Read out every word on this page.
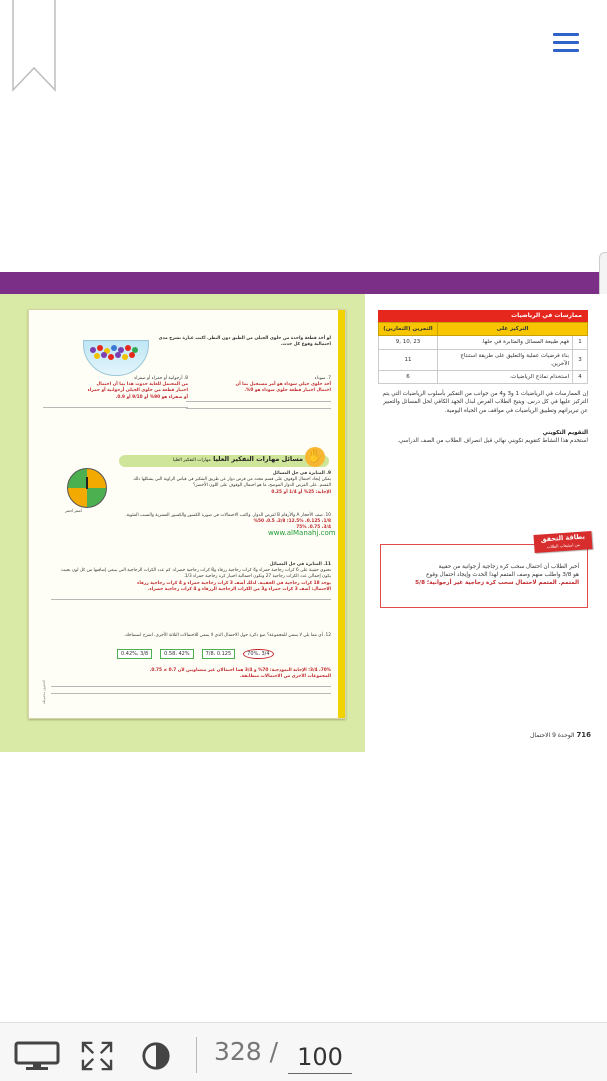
لو أخذ قطعة واحدة من حلوى الجيلي من الطبق دون النظر. اكتب عبارة تشرح مدى احتمالية وقوع كل حدث.
7. سوداء
أخذ حلوى جيلي سوداء هو أمر مستحيل بما أن
احتمال اختيار قطعة حلوى سوداء هو 0%.
8. أرجوانية أو حمراء أو صفراء
من المحتمل للغاية حدوث هذا بما أن احتمال
اختيار قطعة من حلوى الجيلي أرجوانية أو حمراء
أو صفراء هو 90% أو 9/10 أو 0.9.
✋
مسائل مهارات التفكير العليا مهارات التفكير العليا
أصفر أخضر
9. المثابرة في حل المسائل
يمكن إيجاد احتمال الوقوف على قسم محدد من قرص دوار عن طريق التفكير في قياس الزاوية التي يشكلها ذلك القسم. على القرص الدوار الموضح، ما هو احتمال الوقوف على اللون الأخضر؟
الإجابة: 25% أو 1/4 أو 0.25
10. صف الأحجار A والأرقام B لقرص الدوار. واكتب الاحتمالات في صورة الكسور والكسور العشرية والنسب المئوية.
1/8، 0.125، 12.5%؛ 2/8، 0.5، 50%
3/4، 0.75، 75%
11. المثابرة في حل المسائل
تحتوي حقيبة على 6 كرات زجاجية حمراء و4 كرات زجاجية زرقاء و8 كرات زجاجية خضراء. كم عدد الكرات الزجاجية التي ينبغي إضافتها من كل لون بحيث يكون إجمالي عدد الكرات زجاجية 27 وتكون احتمالية اختيار كرة زجاجية حمراء 1/3.
يوجد 18 كرات زجاجية في الحقيبة. لذلك أضف 3 كرات زجاجية حمراء و 4 كرات زجاجية زرقاء
الاحتمال: أضف 3 كرات حمراء و3 من الكرات الزجاجية الزرقاء و 4 كرات زجاجية خضراء.
12. أي مما يلي لا ينتمي للمجموعة؟ ضع دائرة حول الاحتمال الذي لا ينتمي للاحتمالات الثلاثة الأخرى. اشرح استنتاجك.
0.42%، 3/8	0.58، 42%	7/8، 0.125	70%، 3/4
70%، 3/4؛ الإجابة النموذجية: 70% و 3/4 هما احتمالان غير متساويين لأن 0.7 ≠ 0.75.
المجموعات الأخرى من الاحتمالات متطابقة.
الحقوق محفوظة
www.alManahj.com
ممارسات في الرياضيات
التركيز على		التمرين (التمارين)
1	فهم طبيعة المسائل والمثابرة في حلها.	9, 10, 23
3	بناء فرضيات عملية والتعليق على طريقة استنتاج الآخرين.	11
4	استخدام نماذج الرياضيات.	6
إن الممارسات في الرياضيات 1 و3 و4 من جوانب من التفكير بأسلوب الرياضيات التي يتم التركيز عليها في كل درس. ويتيح الطلاب الفرص لبذل الجهد الكافي لحل المسائل والتعبير عن تبريراتهم وتطبيق الرياضيات في مواقف من الحياة اليومية.
التقويم التكويني
استخدم هذا النشاط كتقويم تكويني نهائي قبل انصراف الطلاب من الصف الدراسي.
بطاقة التحقق
من استيعاب الطلاب
أخبر الطلاب أن احتمال سحب كرة زجاجية أرجوانية من حقيبة
هو 3/8 واطلب منهم وصف المتمم لهذا الحدث وإيجاد احتمال وقوع
المتمم. المتمم لاحتمال سحب كرة زجاجية غير أرجوانية؛ 5/8
716 الوحدة 9 الاحتمال
328 / 100
